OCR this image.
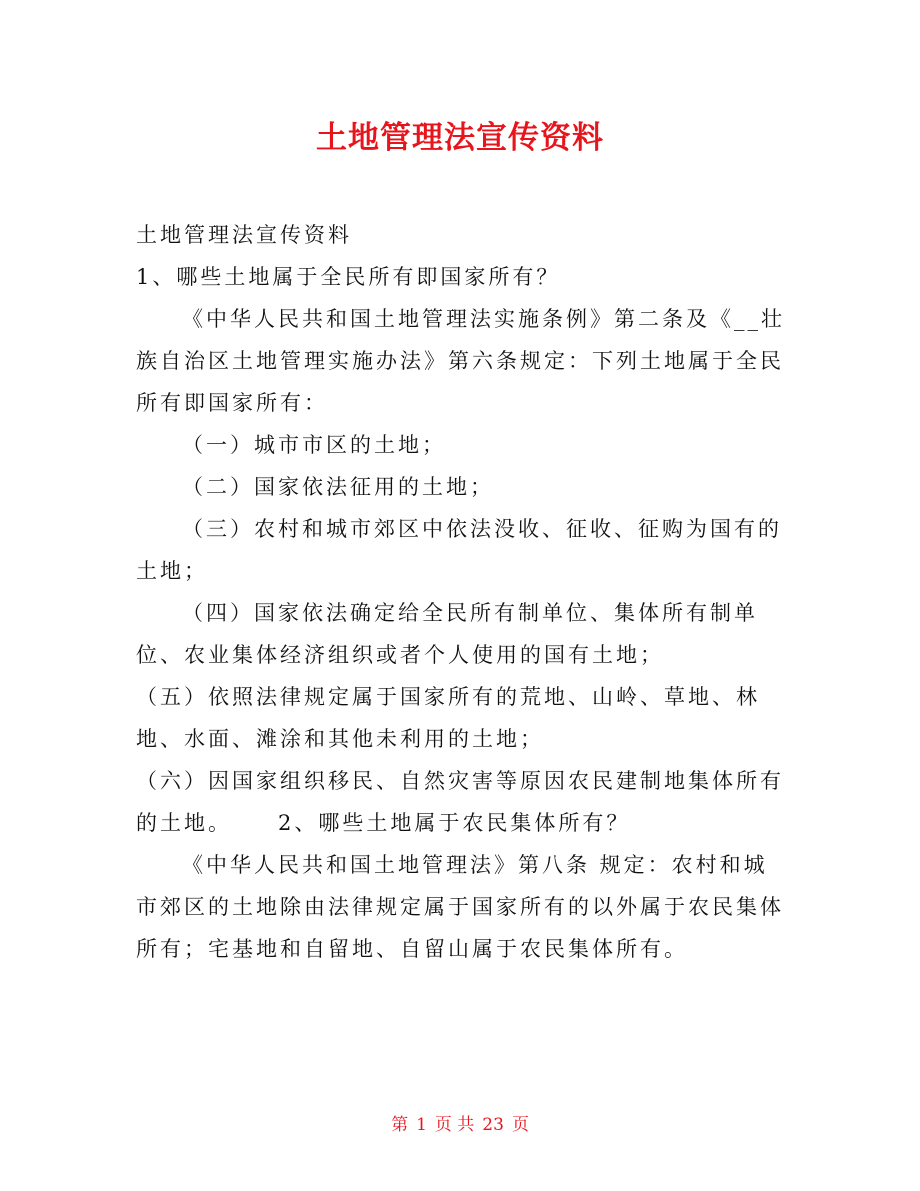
土地管理法宣传资料

土地管理法宣传资料

1、哪些土地属于全民所有即国家所有？

《中华人民共和国土地管理法实施条例》第二条及《__壮族自治区土地管理实施办法》第六条规定：下列土地属于全民所有即国家所有：

（一）城市市区的土地；

（二）国家依法征用的土地；

（三）农村和城市郊区中依法没收、征收、征购为国有的土地；

（四）国家依法确定给全民所有制单位、集体所有制单位、农业集体经济组织或者个人使用的国有土地；

（五）依照法律规定属于国家所有的荒地、山岭、草地、林地、水面、滩涂和其他未利用的土地；

（六）因国家组织移民、自然灾害等原因农民建制地集体所有的土地。 2、哪些土地属于农民集体所有？

《中华人民共和国土地管理法》第八条 规定：农村和城市郊区的土地除由法律规定属于国家所有的以外属于农民集体所有；宅基地和自留地、自留山属于农民集体所有。

第 1 页 共 23 页
